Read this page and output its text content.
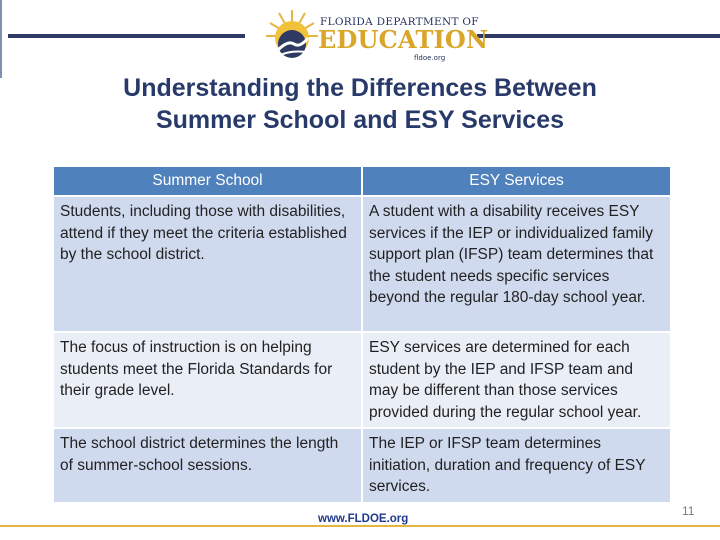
FLORIDA DEPARTMENT OF
EDUCATION
fldoe.org
Understanding the Differences Between
Summer School and ESY Services
Summer School	ESY Services
Students, including those with disabilities, attend if they meet the criteria established by the school district.	A student with a disability receives ESY services if the IEP or individualized family support plan (IFSP) team determines that the student needs specific services beyond the regular 180-day school year.
The focus of instruction is on helping students meet the Florida Standards for their grade level.	ESY services are determined for each student by the IEP and IFSP team and may be different than those services provided during the regular school year.
The school district determines the length of summer-school sessions.	The IEP or IFSP team determines initiation, duration and frequency of ESY services.
11
www.FLDOE.org
